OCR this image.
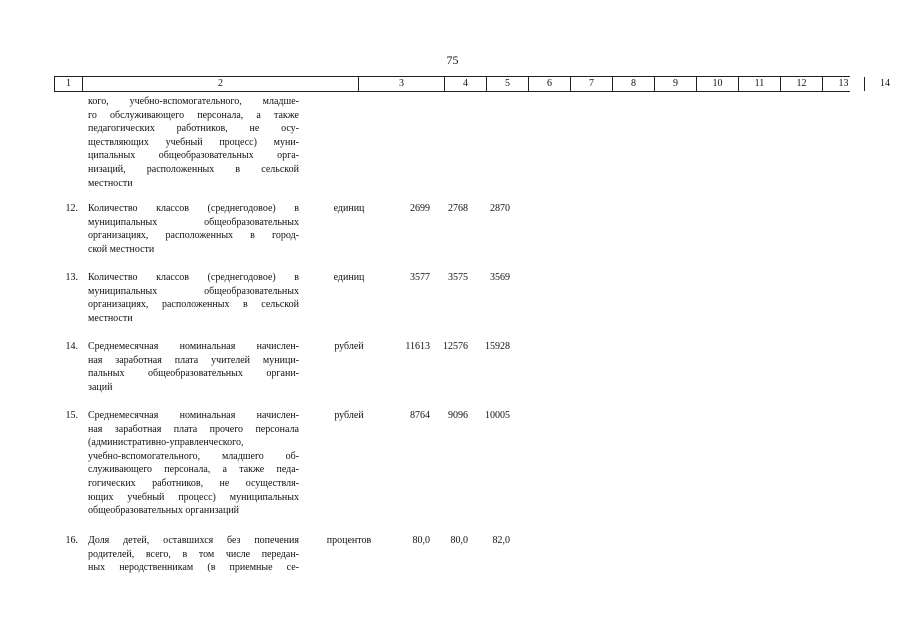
75
1	2	3	4	5	6	7	8	9	10	11	12	13	14
кого, учебно-вспомогательного, младше-
го обслуживающего персонала, а также
педагогических работников, не осу-
ществляющих учебный процесс) муни-
ципальных общеобразовательных орга-
низаций, расположенных в сельской
местности
12. Количество классов (среднегодовое) в
муниципальных общеобразовательных
организациях, расположенных в город-
ской местности
единиц	2699	2768	2870
13. Количество классов (среднегодовое) в
муниципальных общеобразовательных
организациях, расположенных в сельской
местности
единиц	3577	3575	3569
14. Среднемесячная номинальная начислен-
ная заработная плата учителей муници-
пальных общеобразовательных органи-
заций
рублей	11613	12576	15928
15. Среднемесячная номинальная начислен-
ная заработная плата прочего персонала
(административно-управленческого,
учебно-вспомогательного, младшего об-
служивающего персонала, а также педа-
гогических работников, не осуществля-
ющих учебный процесс) муниципальных
общеобразовательных организаций
рублей	8764	9096	10005
16. Доля детей, оставшихся без попечения
родителей, всего, в том числе передан-
ных неродственникам (в приемные се-
процентов	80,0	80,0	82,0
